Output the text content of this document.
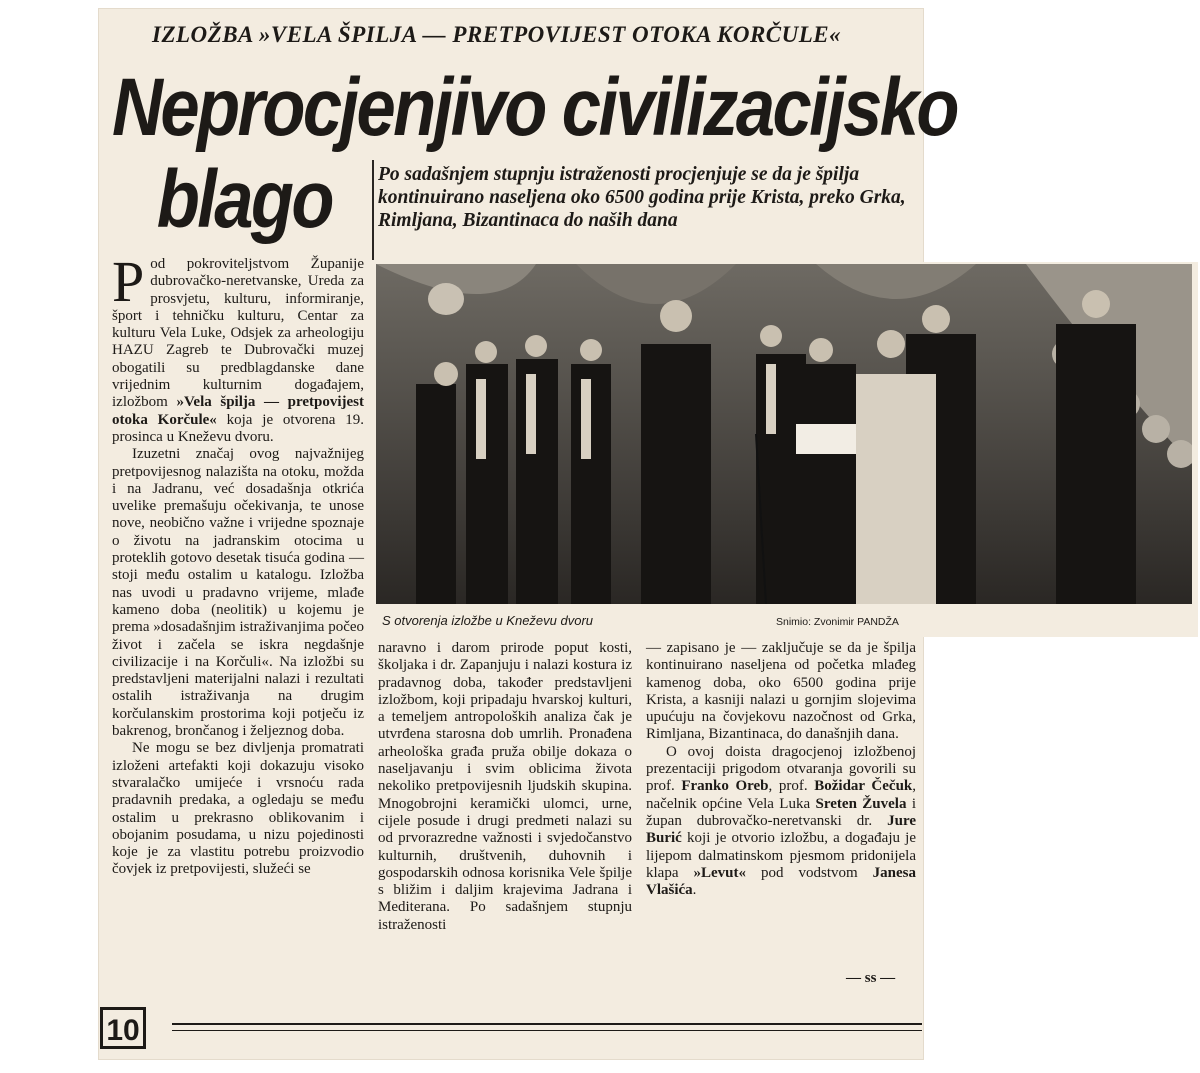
IZLOŽBA »VELA ŠPILJA — PRETPOVIJEST OTOKA KORČULE«
Neprocjenjivo civilizacijsko
blago	Po sadašnjem stupnju istraženosti procjenjuje se da je špilja kontinuirano naseljena oko 6500 godina prije Krista, preko Grka, Rimljana, Bizantinaca do naših dana

Pod pokroviteljstvom Županije dubrovačko-neretvanske, Ureda za prosvjetu, kulturu, informiranje, šport i tehničku kulturu, Centar za kulturu Vela Luke, Odsjek za arheologiju HAZU Zagreb te Dubrovački muzej obogatili su predblagdanske dane vrijednim kulturnim događajem, izložbom »Vela špilja — pretpovijest otoka Korčule« koja je otvorena 19. prosinca u Kneževu dvoru.

Izuzetni značaj ovog najvažnijeg pretpovijesnog nalazišta na otoku, možda i na Jadranu, već dosadašnja otkrića uvelike premašuju očekivanja, te unose nove, neobično važne i vrijedne spoznaje o životu na jadranskim otocima u proteklih gotovo desetak tisuća godina — stoji među ostalim u katalogu. Izložba nas uvodi u pradavno vrijeme, mlađe kameno doba (neolitik) u kojemu je prema »dosadašnjim istraživanjima počeo život i začela se iskra negdašnje civilizacije i na Korčuli«. Na izložbi su predstavljeni materijalni nalazi i rezultati ostalih istraživanja na drugim korčulanskim prostorima koji potječu iz bakrenog, brončanog i željeznog doba.

Ne mogu se bez divljenja promatrati izloženi artefakti koji dokazuju visoko stvaralačko umijeće i vrsnoću rada pradavnih predaka, a ogledaju se među ostalim u prekrasno oblikovanim i obojanim posudama, u nizu pojedinosti koje je za vlastitu potrebu proizvodio čovjek iz pretpovijesti, služeći se

S otvorenja izložbe u Kneževu dvoru	Snimio: Zvonimir PANDŽA

naravno i darom prirode poput kosti, školjaka i dr. Zapanjuju i nalazi kostura iz pradavnog doba, također predstavljeni izložbom, koji pripadaju hvarskoj kulturi, a temeljem antropoloških analiza čak je utvrđena starosna dob umrlih. Pronađena arheološka građa pruža obilje dokaza o naseljavanju i svim oblicima života nekoliko pretpovijesnih ljudskih skupina. Mnogobrojni keramički ulomci, urne, cijele posude i drugi predmeti nalazi su od prvorazredne važnosti i svjedočanstvo kulturnih, društvenih, duhovnih i gospodarskih odnosa korisnika Vele špilje s bližim i daljim krajevima Jadrana i Mediterana. Po sadašnjem stupnju istraženosti

— zapisano je — zaključuje se da je špilja kontinuirano naseljena od početka mlađeg kamenog doba, oko 6500 godina prije Krista, a kasniji nalazi u gornjim slojevima upućuju na čovjekovu nazočnost od Grka, Rimljana, Bizantinaca, do današnjih dana.

O ovoj doista dragocjenoj izložbenoj prezentaciji prigodom otvaranja govorili su prof. Franko Oreb, prof. Božidar Čečuk, načelnik općine Vela Luka Sreten Žuvela i župan dubrovačko-neretvanski dr. Jure Burić koji je otvorio izložbu, a događaju je lijepom dalmatinskom pjesmom pridonijela klapa »Levut« pod vodstvom Janesa Vlašića.

— ss —
10
